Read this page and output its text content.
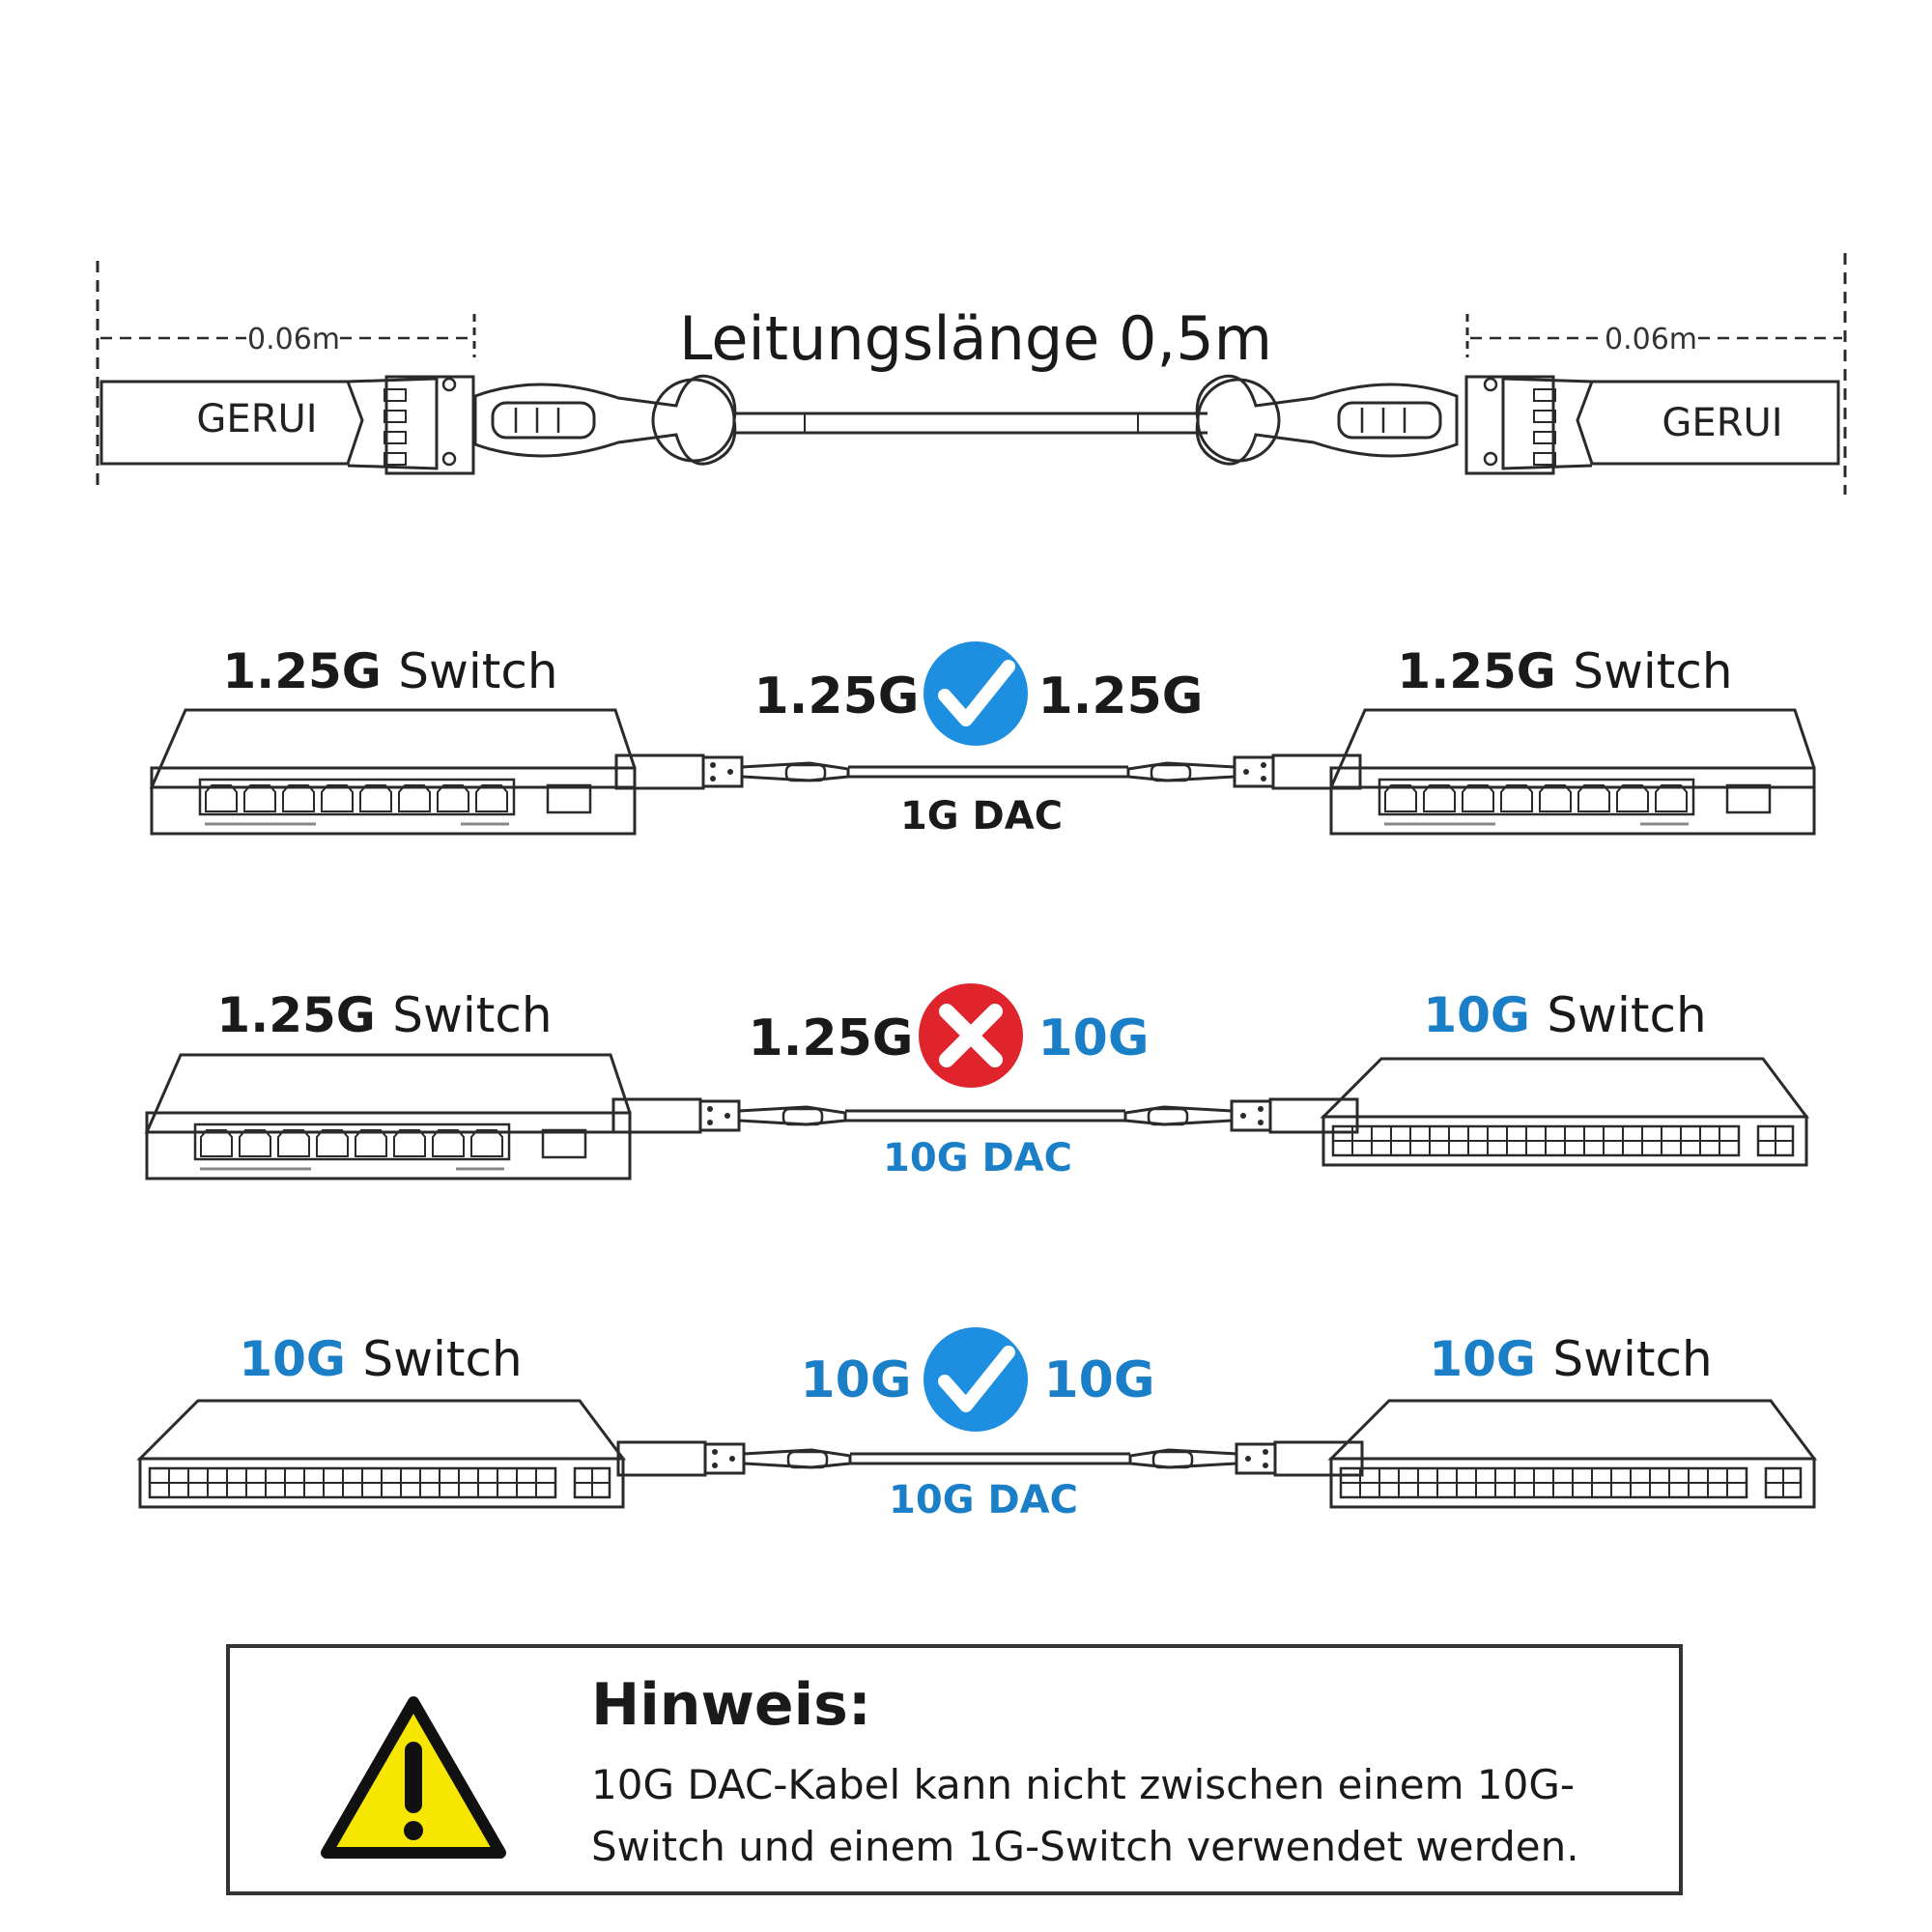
Leitungslänge 0,5m
0.06m	0.06m
GERUI	GERUI
1.25G Switch	1.25G Switch
1.25G 1.25G
1G DAC
1.25G Switch	10G Switch
1.25G 10G
10G DAC
10G Switch	10G Switch
10G	10G
10G DAC

Hinweis:

10G DAC-Kabel kann nicht zwischen einem 10G-
Switch und einem 1G-Switch verwendet werden.
